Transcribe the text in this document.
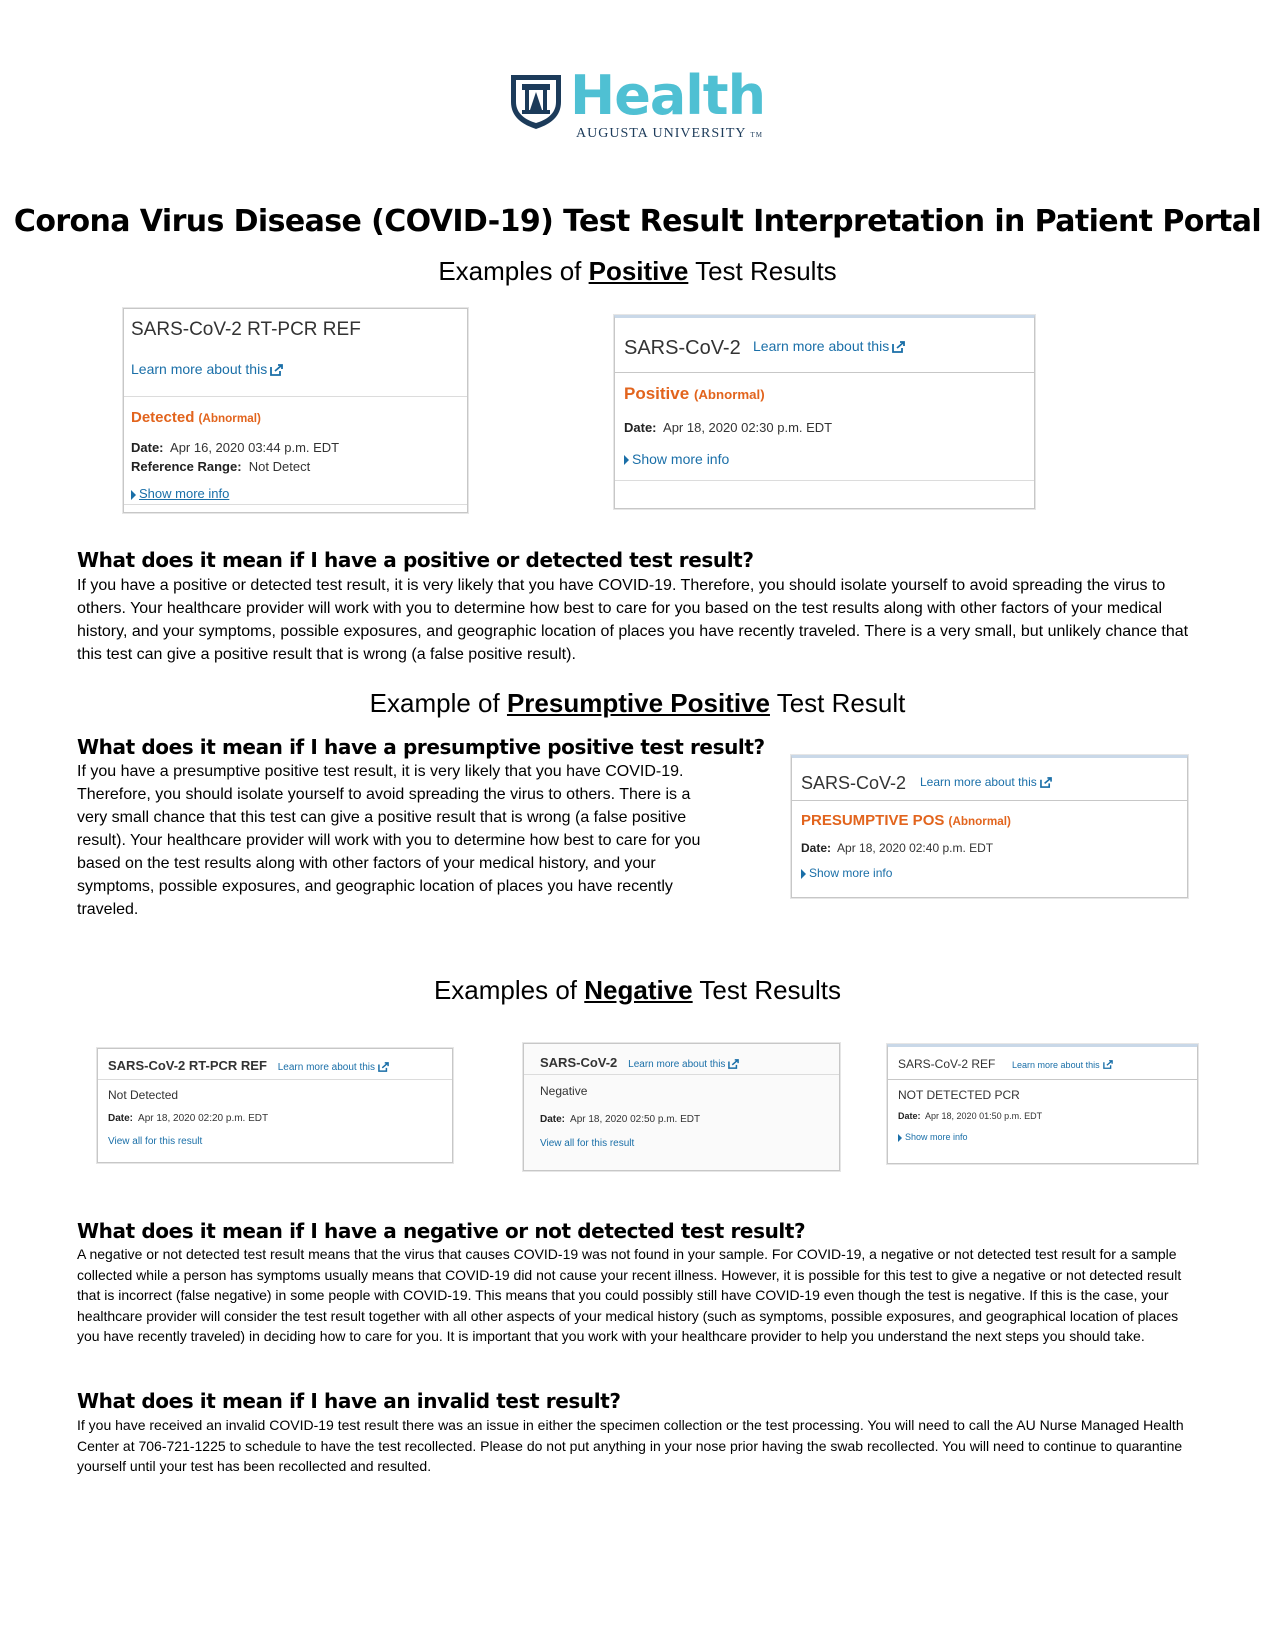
Health
AUGUSTA UNIVERSITY TM
Corona Virus Disease (COVID-19) Test Result Interpretation in Patient Portal
Examples of Positive Test Results
SARS-CoV-2 RT-PCR REF
Learn more about this
Detected (Abnormal)
Date: Apr 16, 2020 03:44 p.m. EDT
Reference Range: Not Detect
Show more info
SARS-CoV-2 Learn more about this
Positive (Abnormal)
Date: Apr 18, 2020 02:30 p.m. EDT
Show more info
What does it mean if I have a positive or detected test result?
If you have a positive or detected test result, it is very likely that you have COVID-19. Therefore, you should isolate yourself to avoid spreading the virus to others. Your healthcare provider will work with you to determine how best to care for you based on the test results along with other factors of your medical history, and your symptoms, possible exposures, and geographic location of places you have recently traveled. There is a very small, but unlikely chance that this test can give a positive result that is wrong (a false positive result).
Example of Presumptive Positive Test Result
What does it mean if I have a presumptive positive test result?
If you have a presumptive positive test result, it is very likely that you have COVID-19. Therefore, you should isolate yourself to avoid spreading the virus to others. There is a very small chance that this test can give a positive result that is wrong (a false positive result). Your healthcare provider will work with you to determine how best to care for you based on the test results along with other factors of your medical history, and your symptoms, possible exposures, and geographic location of places you have recently traveled.
SARS-CoV-2 Learn more about this
PRESUMPTIVE POS (Abnormal)
Date: Apr 18, 2020 02:40 p.m. EDT
Show more info
Examples of Negative Test Results
SARS-CoV-2 RT-PCR REF Learn more about this
Not Detected
Date: Apr 18, 2020 02:20 p.m. EDT
View all for this result
SARS-CoV-2 Learn more about this
Negative
Date: Apr 18, 2020 02:50 p.m. EDT
View all for this result
SARS-CoV-2 REF Learn more about this
NOT DETECTED PCR
Date: Apr 18, 2020 01:50 p.m. EDT
Show more info
What does it mean if I have a negative or not detected test result?
A negative or not detected test result means that the virus that causes COVID-19 was not found in your sample. For COVID-19, a negative or not detected test result for a sample collected while a person has symptoms usually means that COVID-19 did not cause your recent illness. However, it is possible for this test to give a negative or not detected result that is incorrect (false negative) in some people with COVID-19. This means that you could possibly still have COVID-19 even though the test is negative. If this is the case, your healthcare provider will consider the test result together with all other aspects of your medical history (such as symptoms, possible exposures, and geographical location of places you have recently traveled) in deciding how to care for you. It is important that you work with your healthcare provider to help you understand the next steps you should take.
What does it mean if I have an invalid test result?
If you have received an invalid COVID-19 test result there was an issue in either the specimen collection or the test processing. You will need to call the AU Nurse Managed Health Center at 706-721-1225 to schedule to have the test recollected. Please do not put anything in your nose prior having the swab recollected. You will need to continue to quarantine yourself until your test has been recollected and resulted.
